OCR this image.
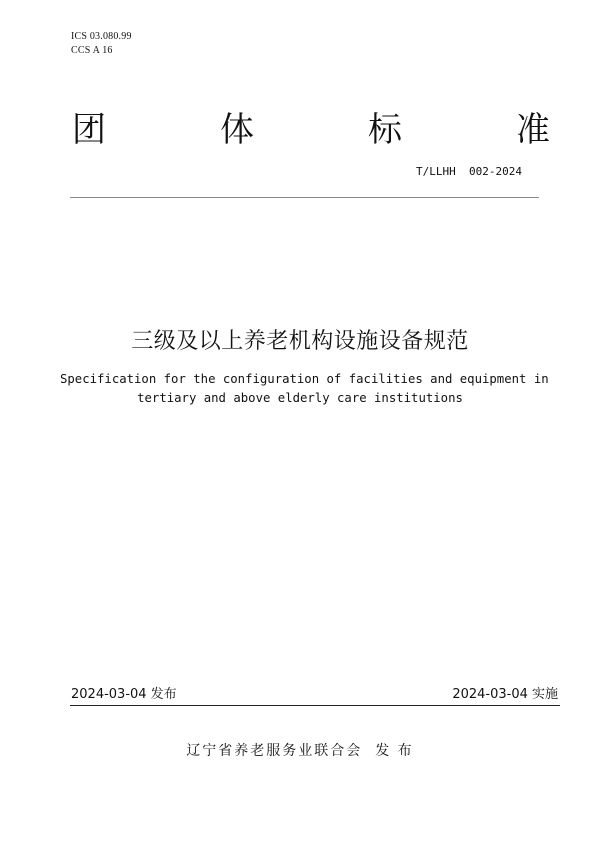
ICS 03.080.99
CCS A 16
团	体	标	准
T/LLHH  002-2024
三级及以上养老机构设施设备规范
Specification for the configuration of facilities and equipment in
tertiary and above elderly care institutions
2024-03-04 发布	2024-03-04 实施
辽宁省养老服务业联合会  发 布
